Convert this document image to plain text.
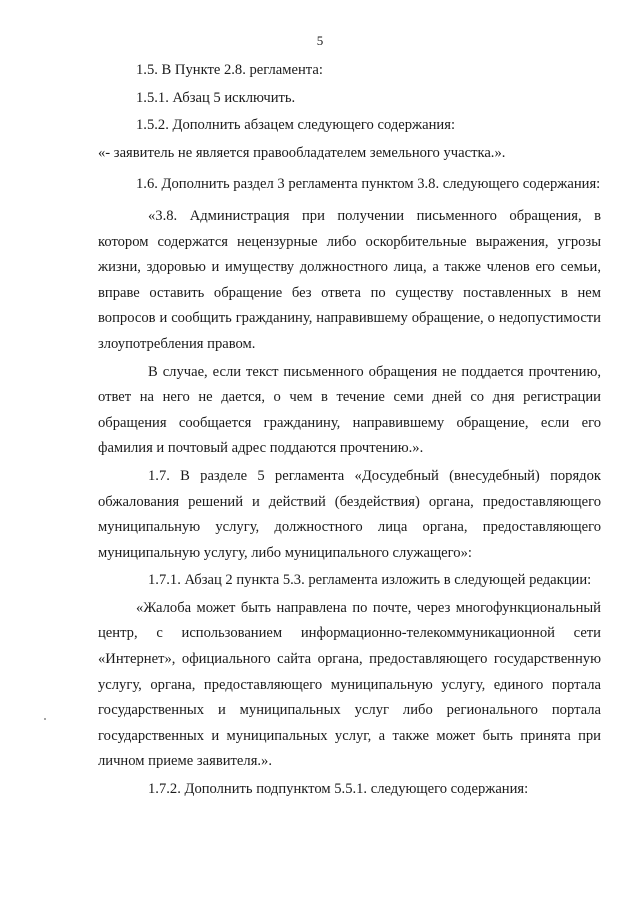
5

1.5. В Пункте 2.8. регламента:

1.5.1. Абзац 5 исключить.

1.5.2. Дополнить абзацем следующего содержания:

«- заявитель не является правообладателем земельного участка.».

1.6. Дополнить раздел 3 регламента пунктом 3.8. следующего содержания:

«3.8. Администрация при получении письменного обращения, в котором содержатся нецензурные либо оскорбительные выражения, угрозы жизни, здоровью и имуществу должностного лица, а также членов его семьи, вправе оставить обращение без ответа по существу поставленных в нем вопросов и сообщить гражданину, направившему обращение, о недопустимости злоупотребления правом.

В случае, если текст письменного обращения не поддается прочтению, ответ на него не дается, о чем в течение семи дней со дня регистрации обращения сообщается гражданину, направившему обращение, если его фамилия и почтовый адрес поддаются прочтению.».

1.7. В разделе 5 регламента «Досудебный (внесудебный) порядок обжалования решений и действий (бездействия) органа, предоставляющего муниципальную услугу, должностного лица органа, предоставляющего муниципальную услугу, либо муниципального служащего»:

1.7.1. Абзац 2 пункта 5.3. регламента изложить в следующей редакции:

«Жалоба может быть направлена по почте, через многофункциональный центр, с использованием информационно-телекоммуникационной сети «Интернет», официального сайта органа, предоставляющего государственную услугу, органа, предоставляющего муниципальную услугу, единого портала государственных и муниципальных услуг либо регионального портала государственных и муниципальных услуг, а также может быть принята при личном приеме заявителя.».

1.7.2. Дополнить подпунктом 5.5.1. следующего содержания:
